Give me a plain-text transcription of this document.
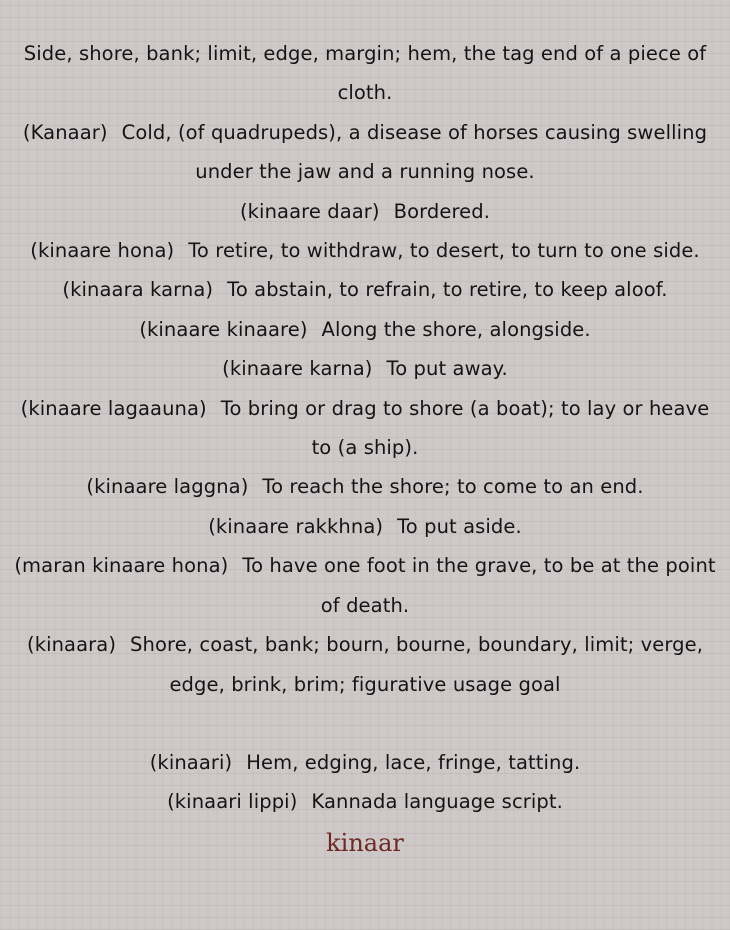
Side, shore, bank; limit, edge, margin; hem, the tag end of a piece of cloth.
(Kanaar) Cold, (of quadrupeds), a disease of horses causing swelling under the jaw and a running nose.
(kinaare daar) Bordered.
(kinaare hona) To retire, to withdraw, to desert, to turn to one side.
(kinaara karna) To abstain, to refrain, to retire, to keep aloof.
(kinaare kinaare) Along the shore, alongside.
(kinaare karna) To put away.
(kinaare lagaauna) To bring or drag to shore (a boat); to lay or heave to (a ship).
(kinaare laggna) To reach the shore; to come to an end.
(kinaare rakkhna) To put aside.
(maran kinaare hona) To have one foot in the grave, to be at the point of death.
(kinaara) Shore, coast, bank; bourn, bourne, boundary, limit; verge, edge, brink, brim; figurative usage goal
(kinaari) Hem, edging, lace, fringe, tatting.
(kinaari lippi) Kannada language script.
kinaar
